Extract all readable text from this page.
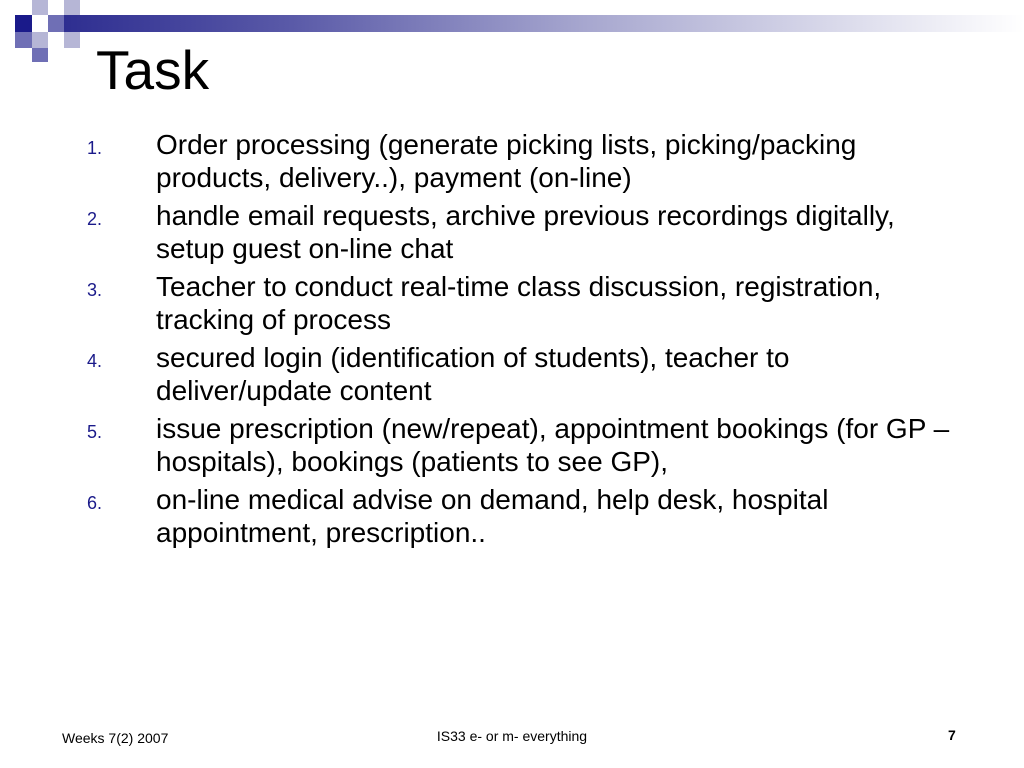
Task
1. Order processing (generate picking lists, picking/packing products, delivery..), payment (on-line)
2. handle email requests, archive previous recordings digitally, setup guest on-line chat
3. Teacher to conduct real-time class discussion, registration, tracking of process
4. secured login (identification of students), teacher to deliver/update content
5. issue prescription (new/repeat), appointment bookings (for GP – hospitals), bookings (patients to see GP),
6. on-line medical advise on demand, help desk, hospital appointment, prescription..
Weeks 7(2) 2007	IS33 e- or m- everything	7
